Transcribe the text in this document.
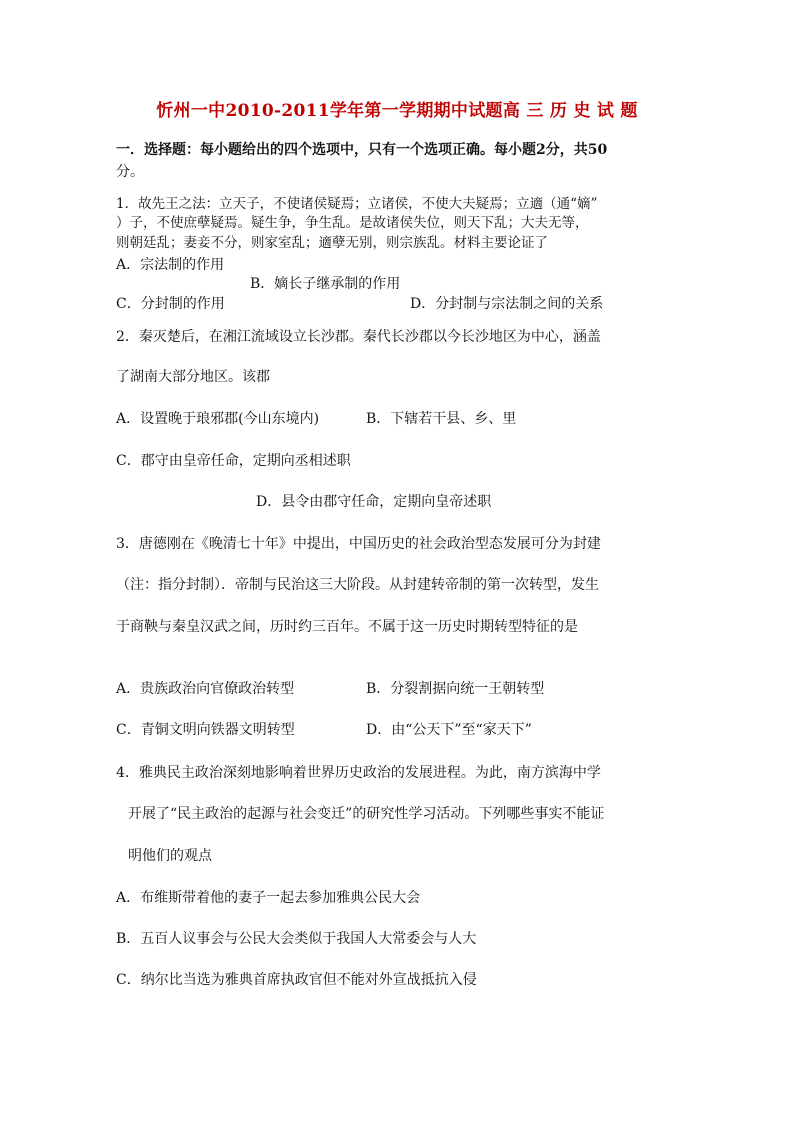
忻州一中2010-2011学年第一学期期中试题高 三 历 史 试 题
一．选择题：每小题给出的四个选项中，只有一个选项正确。每小题2分，共50
分。
1．故先王之法：立天子，不使诸侯疑焉；立诸侯，不使大夫疑焉；立適（通“嫡”
）子，不使庶孽疑焉。疑生争，争生乱。是故诸侯失位，则天下乱；大夫无等，
则朝廷乱；妻妾不分，则家室乱；適孽无别，则宗族乱。材料主要论证了
A．宗法制的作用
B．嫡长子继承制的作用
C．分封制的作用	D．分封制与宗法制之间的关系
2．秦灭楚后，在湘江流域设立长沙郡。秦代长沙郡以今长沙地区为中心，涵盖
了湖南大部分地区。该郡
A．设置晚于琅邪郡(今山东境内)	B．下辖若干县、乡、里
C．郡守由皇帝任命，定期向丞相述职
D．县令由郡守任命，定期向皇帝述职
3．唐德刚在《晚清七十年》中提出，中国历史的社会政治型态发展可分为封建
（注：指分封制）．帝制与民治这三大阶段。从封建转帝制的第一次转型，发生
于商鞅与秦皇汉武之间，历时约三百年。不属于这一历史时期转型特征的是
A．贵族政治向官僚政治转型	B．分裂割据向统一王朝转型
C．青铜文明向铁器文明转型	D．由“公天下”至“家天下”
4．雅典民主政治深刻地影响着世界历史政治的发展进程。为此，南方滨海中学
开展了“民主政治的起源与社会变迁”的研究性学习活动。下列哪些事实不能证
明他们的观点
A．布维斯带着他的妻子一起去参加雅典公民大会
B．五百人议事会与公民大会类似于我国人大常委会与人大
C．纳尔比当选为雅典首席执政官但不能对外宣战抵抗入侵
